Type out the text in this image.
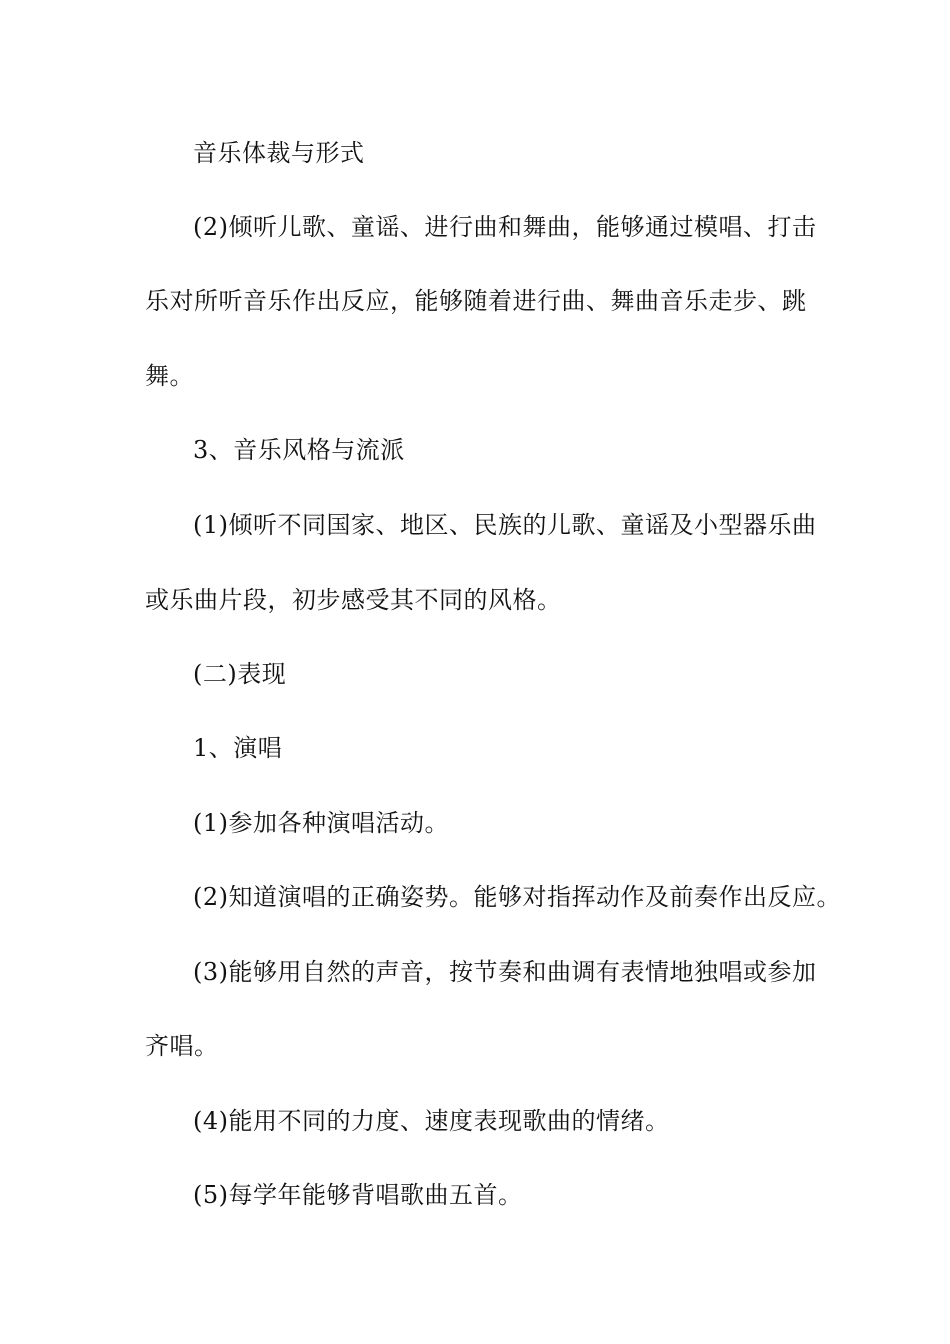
音乐体裁与形式
(2)倾听儿歌、童谣、进行曲和舞曲，能够通过模唱、打击
乐对所听音乐作出反应，能够随着进行曲、舞曲音乐走步、跳
舞。
3、音乐风格与流派
(1)倾听不同国家、地区、民族的儿歌、童谣及小型器乐曲
或乐曲片段，初步感受其不同的风格。
(二)表现
1、演唱
(1)参加各种演唱活动。
(2)知道演唱的正确姿势。能够对指挥动作及前奏作出反应。
(3)能够用自然的声音，按节奏和曲调有表情地独唱或参加
齐唱。
(4)能用不同的力度、速度表现歌曲的情绪。
(5)每学年能够背唱歌曲五首。
